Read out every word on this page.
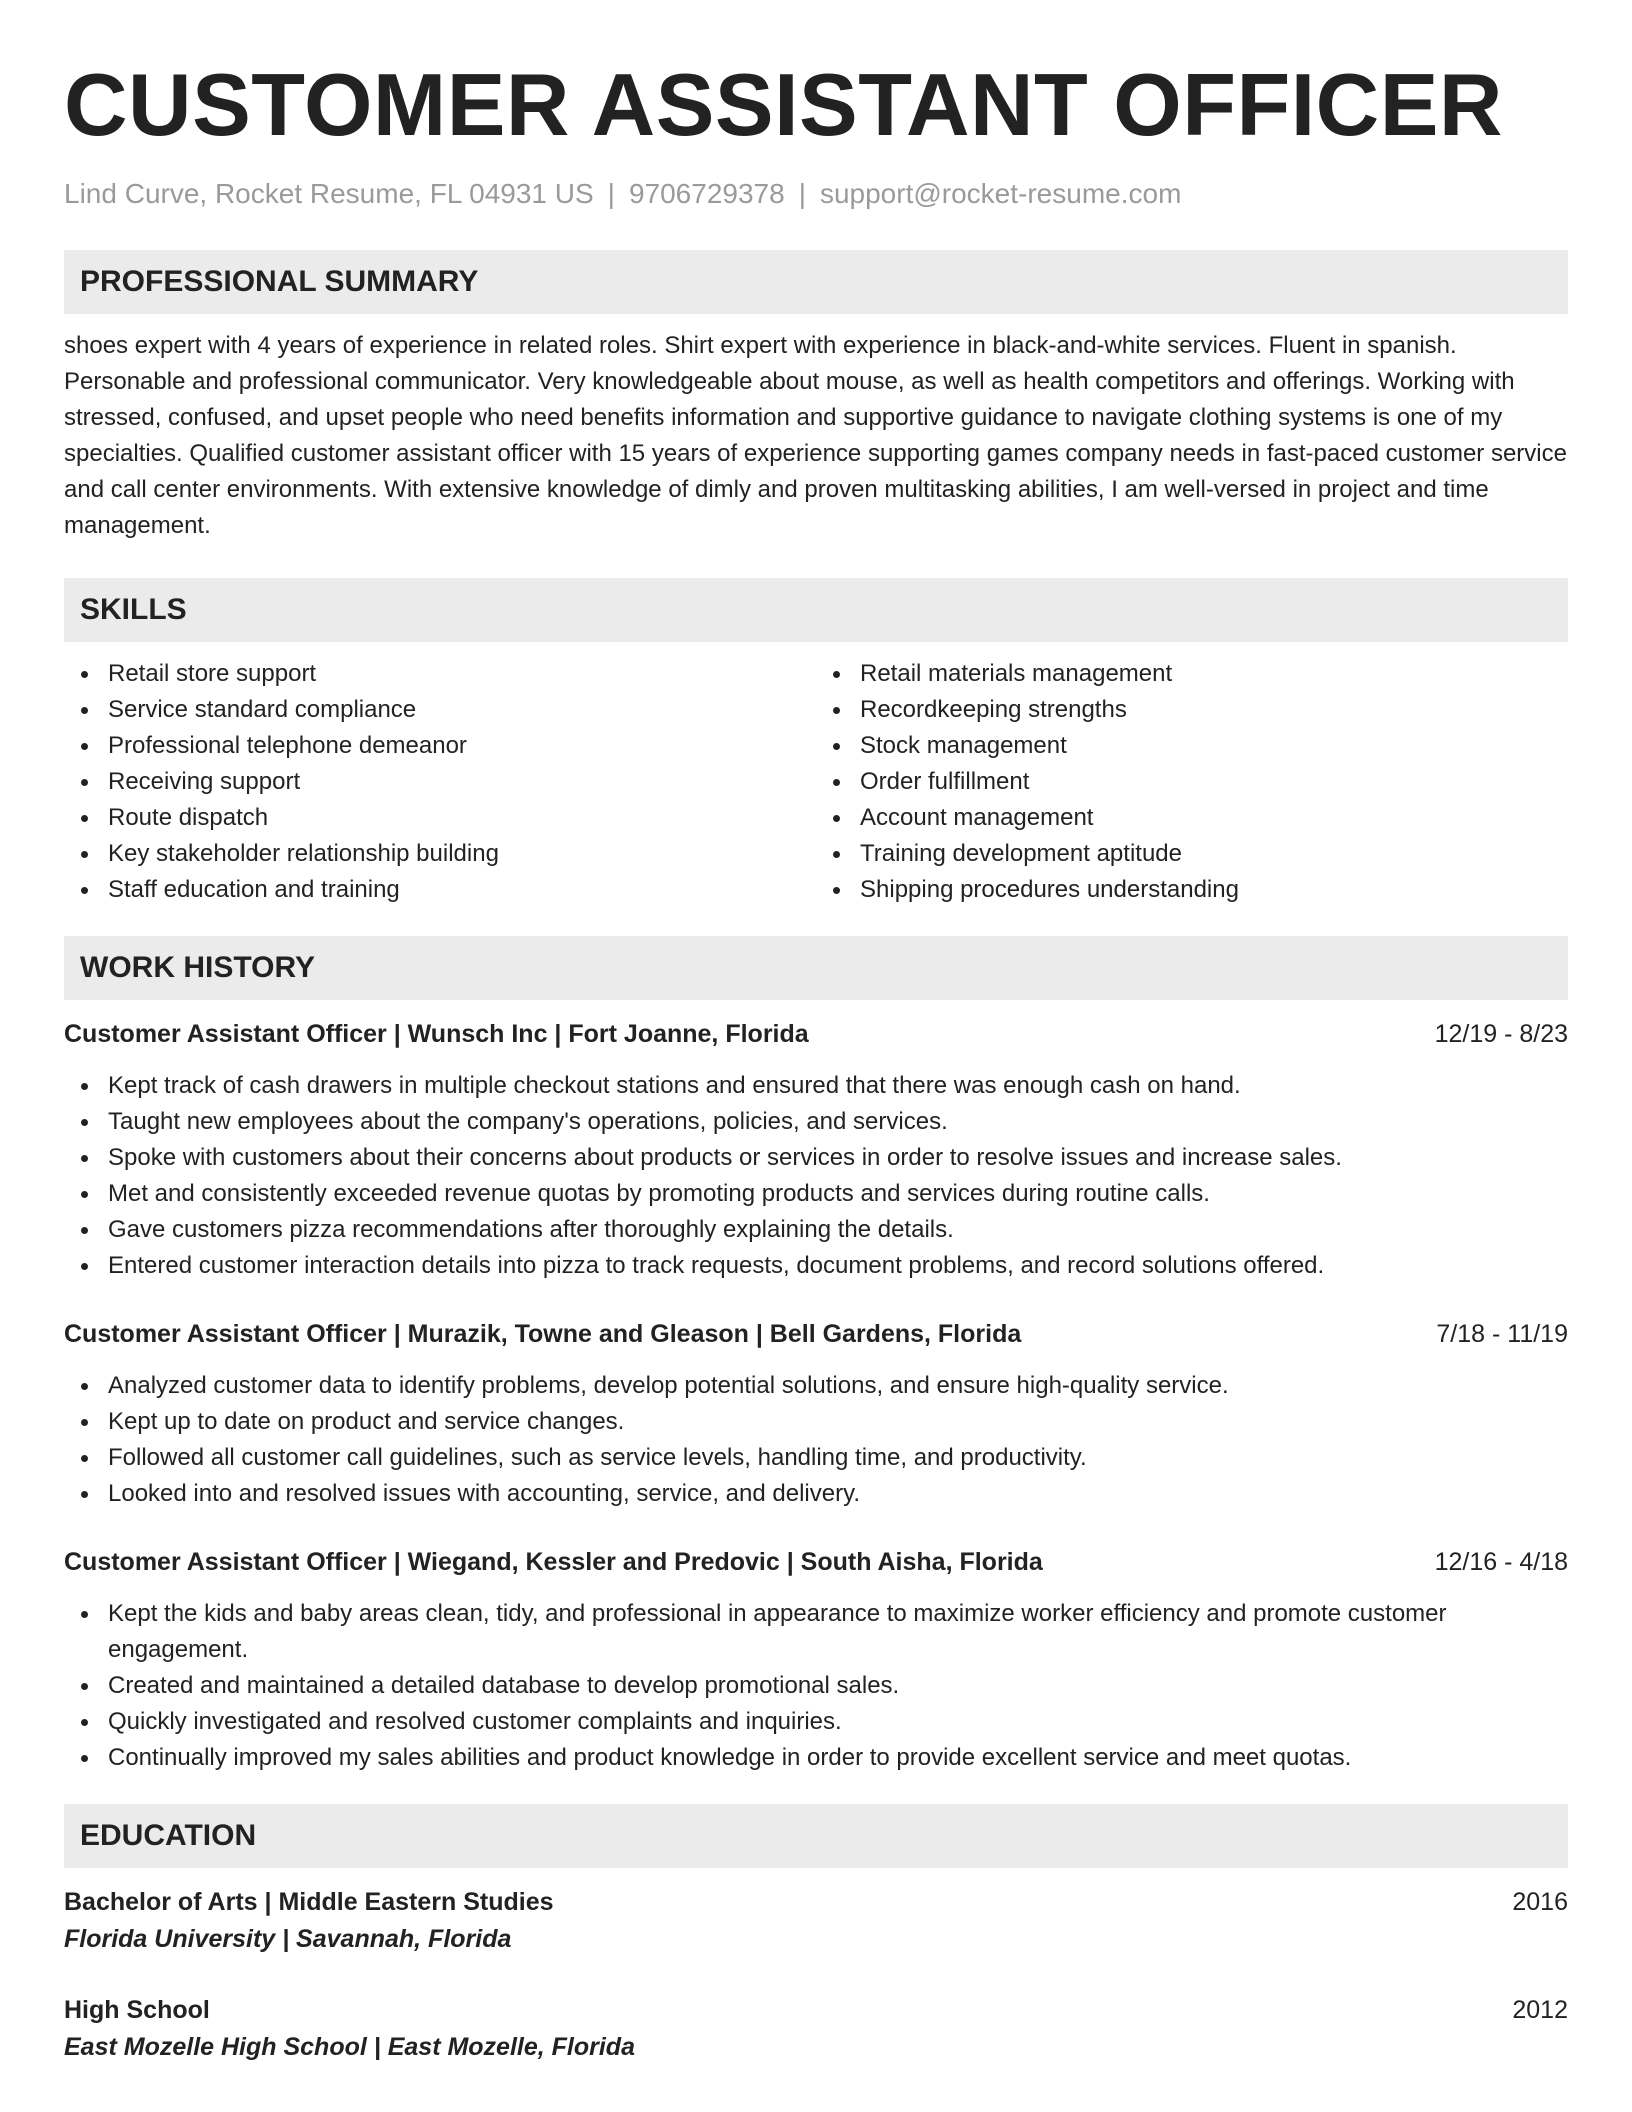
CUSTOMER ASSISTANT OFFICER
Lind Curve, Rocket Resume, FL 04931 US | 9706729378 | support@rocket-resume.com
PROFESSIONAL SUMMARY
shoes expert with 4 years of experience in related roles. Shirt expert with experience in black-and-white services. Fluent in spanish. Personable and professional communicator. Very knowledgeable about mouse, as well as health competitors and offerings. Working with stressed, confused, and upset people who need benefits information and supportive guidance to navigate clothing systems is one of my specialties. Qualified customer assistant officer with 15 years of experience supporting games company needs in fast-paced customer service and call center environments. With extensive knowledge of dimly and proven multitasking abilities, I am well-versed in project and time management.
SKILLS
Retail store support
Service standard compliance
Professional telephone demeanor
Receiving support
Route dispatch
Key stakeholder relationship building
Staff education and training
Retail materials management
Recordkeeping strengths
Stock management
Order fulfillment
Account management
Training development aptitude
Shipping procedures understanding
WORK HISTORY
Customer Assistant Officer | Wunsch Inc | Fort Joanne, Florida	12/19 - 8/23
Kept track of cash drawers in multiple checkout stations and ensured that there was enough cash on hand.
Taught new employees about the company's operations, policies, and services.
Spoke with customers about their concerns about products or services in order to resolve issues and increase sales.
Met and consistently exceeded revenue quotas by promoting products and services during routine calls.
Gave customers pizza recommendations after thoroughly explaining the details.
Entered customer interaction details into pizza to track requests, document problems, and record solutions offered.
Customer Assistant Officer | Murazik, Towne and Gleason | Bell Gardens, Florida	7/18 - 11/19
Analyzed customer data to identify problems, develop potential solutions, and ensure high-quality service.
Kept up to date on product and service changes.
Followed all customer call guidelines, such as service levels, handling time, and productivity.
Looked into and resolved issues with accounting, service, and delivery.
Customer Assistant Officer | Wiegand, Kessler and Predovic | South Aisha, Florida	12/16 - 4/18
Kept the kids and baby areas clean, tidy, and professional in appearance to maximize worker efficiency and promote customer engagement.
Created and maintained a detailed database to develop promotional sales.
Quickly investigated and resolved customer complaints and inquiries.
Continually improved my sales abilities and product knowledge in order to provide excellent service and meet quotas.
EDUCATION
Bachelor of Arts | Middle Eastern Studies	2016
Florida University | Savannah, Florida
High School	2012
East Mozelle High School | East Mozelle, Florida
